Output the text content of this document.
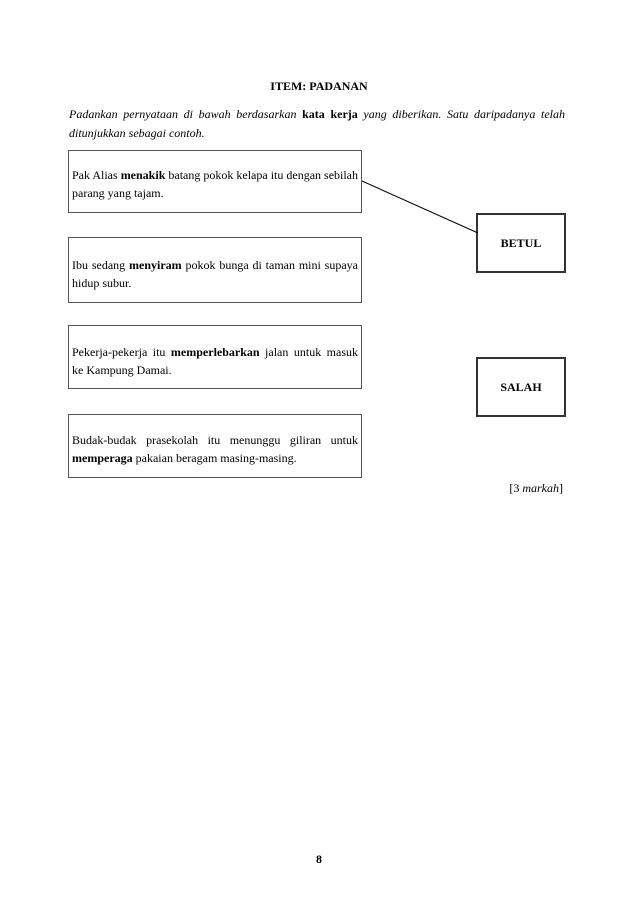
ITEM: PADANAN
Padankan pernyataan di bawah berdasarkan kata kerja yang diberikan. Satu daripadanya telah ditunjukkan sebagai contoh.
Pak Alias menakik batang pokok kelapa itu dengan sebilah parang yang tajam.
Ibu sedang menyiram pokok bunga di taman mini supaya hidup subur.
Pekerja-pekerja itu memperlebarkan jalan untuk masuk ke Kampung Damai.
Budak-budak prasekolah itu menunggu giliran untuk memperaga pakaian beragam masing-masing.
BETUL
SALAH
[3 markah]
8
